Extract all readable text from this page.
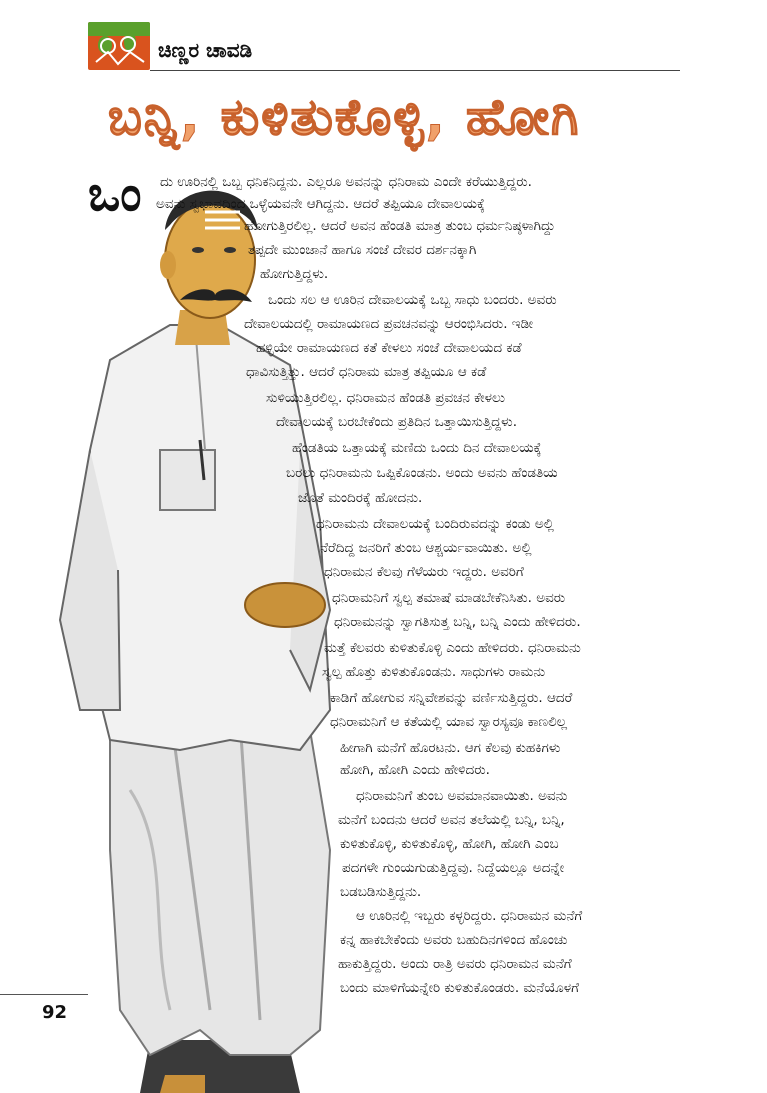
ಚಿಣ್ಣರ ಚಾವಡಿ
ಬನ್ನಿ, ಕುಳಿತುಕೊಳ್ಳಿ, ಹೋಗಿ
ಒಂ ದು ಊರಿನಲ್ಲಿ ಒಬ್ಬ ಧನಿಕನಿದ್ದನು. ಎಲ್ಲರೂ ಅವನನ್ನು ಧನಿರಾಮ ಎಂದೇ ಕರೆಯುತ್ತಿದ್ದರು.
ಅವನು ಸ್ವಭಾವದಿಂದ ಒಳ್ಳೆಯವನೇ ಆಗಿದ್ದನು. ಆದರೆ ತಪ್ಪಿಯೂ ದೇವಾಲಯಕ್ಕೆ
ಹೋಗುತ್ತಿರಲಿಲ್ಲ. ಆದರೆ ಅವನ ಹೆಂಡತಿ ಮಾತ್ರ ತುಂಬ ಧರ್ಮನಿಷ್ಠಳಾಗಿದ್ದು
ತಪ್ಪದೇ ಮುಂಜಾನೆ ಹಾಗೂ ಸಂಜೆ ದೇವರ ದರ್ಶನಕ್ಕಾಗಿ
ಹೋಗುತ್ತಿದ್ದಳು.
ಒಂದು ಸಲ ಆ ಊರಿನ ದೇವಾಲಯಕ್ಕೆ ಒಬ್ಬ ಸಾಧು ಬಂದರು. ಅವರು
ದೇವಾಲಯದಲ್ಲಿ ರಾಮಾಯಣದ ಪ್ರವಚನವನ್ನು ಆರಂಭಿಸಿದರು. ಇಡೀ
ಹಳ್ಳಿಯೇ ರಾಮಾಯಣದ ಕತೆ ಕೇಳಲು ಸಂಜೆ ದೇವಾಲಯದ ಕಡೆ
ಧಾವಿಸುತ್ತಿತ್ತು. ಆದರೆ ಧನಿರಾಮ ಮಾತ್ರ ತಪ್ಪಿಯೂ ಆ ಕಡೆ
ಸುಳಿಯುತ್ತಿರಲಿಲ್ಲ. ಧನಿರಾಮನ ಹೆಂಡತಿ ಪ್ರವಚನ ಕೇಳಲು
ದೇವಾಲಯಕ್ಕೆ ಬರಬೇಕೆಂದು ಪ್ರತಿದಿನ ಒತ್ತಾಯಿಸುತ್ತಿದ್ದಳು.
ಹೆಂಡತಿಯ ಒತ್ತಾಯಕ್ಕೆ ಮಣಿದು ಒಂದು ದಿನ ದೇವಾಲಯಕ್ಕೆ
ಬರಲು ಧನಿರಾಮನು ಒಪ್ಪಿಕೊಂಡನು. ಅಂದು ಅವನು ಹೆಂಡತಿಯ
ಜೊತೆ ಮಂದಿರಕ್ಕೆ ಹೋದನು.
ಧನಿರಾಮನು ದೇವಾಲಯಕ್ಕೆ ಬಂದಿರುವದನ್ನು ಕಂಡು ಅಲ್ಲಿ
ನೆರೆದಿದ್ದ ಜನರಿಗೆ ತುಂಬ ಆಶ್ಚರ್ಯವಾಯಿತು. ಅಲ್ಲಿ
ಧನಿರಾಮನ ಕೆಲವು ಗೆಳೆಯರು ಇದ್ದರು. ಅವರಿಗೆ
ಧನಿರಾಮನಿಗೆ ಸ್ವಲ್ಪ ತಮಾಷೆ ಮಾಡಬೇಕೆನಿಸಿತು. ಅವರು
ಧನಿರಾಮನನ್ನು ಸ್ವಾಗತಿಸುತ್ತ ಬನ್ನಿ, ಬನ್ನಿ ಎಂದು ಹೇಳಿದರು.
ಮತ್ತೆ ಕೆಲವರು ಕುಳಿತುಕೊಳ್ಳಿ ಎಂದು ಹೇಳಿದರು. ಧನಿರಾಮನು
ಸ್ವಲ್ಪ ಹೊತ್ತು ಕುಳಿತುಕೊಂಡನು. ಸಾಧುಗಳು ರಾಮನು
ಕಾಡಿಗೆ ಹೋಗುವ ಸನ್ನಿವೇಶವನ್ನು ವರ್ಣಿಸುತ್ತಿದ್ದರು. ಆದರೆ
ಧನಿರಾಮನಿಗೆ ಆ ಕತೆಯಲ್ಲಿ ಯಾವ ಸ್ವಾರಸ್ಯವೂ ಕಾಣಲಿಲ್ಲ
ಹೀಗಾಗಿ ಮನೆಗೆ ಹೊರಟನು. ಆಗ ಕೆಲವು ಕುಹಕಿಗಳು
ಹೋಗಿ, ಹೋಗಿ ಎಂದು ಹೇಳಿದರು.
ಧನಿರಾಮನಿಗೆ ತುಂಬ ಅವಮಾನವಾಯಿತು. ಅವನು
ಮನೆಗೆ ಬಂದನು ಆದರೆ ಅವನ ತಲೆಯಲ್ಲಿ ಬನ್ನಿ, ಬನ್ನಿ,
ಕುಳಿತುಕೊಳ್ಳಿ, ಕುಳಿತುಕೊಳ್ಳಿ, ಹೋಗಿ, ಹೋಗಿ ಎಂಬ
ಪದಗಳೇ ಗುಂಯಗುಡುತ್ತಿದ್ದವು. ನಿದ್ದೆಯಲ್ಲೂ ಅದನ್ನೇ
ಬಡಬಡಿಸುತ್ತಿದ್ದನು.
ಆ ಊರಿನಲ್ಲಿ ಇಬ್ಬರು ಕಳ್ಳರಿದ್ದರು. ಧನಿರಾಮನ ಮನೆಗೆ
ಕನ್ನ ಹಾಕಬೇಕೆಂದು ಅವರು ಬಹುದಿನಗಳಿಂದ ಹೊಂಚು
ಹಾಕುತ್ತಿದ್ದರು. ಅಂದು ರಾತ್ರಿ ಅವರು ಧನಿರಾಮನ ಮನೆಗೆ
ಬಂದು ಮಾಳಿಗೆಯನ್ನೇರಿ ಕುಳಿತುಕೊಂಡರು. ಮನೆಯೊಳಗೆ
92
